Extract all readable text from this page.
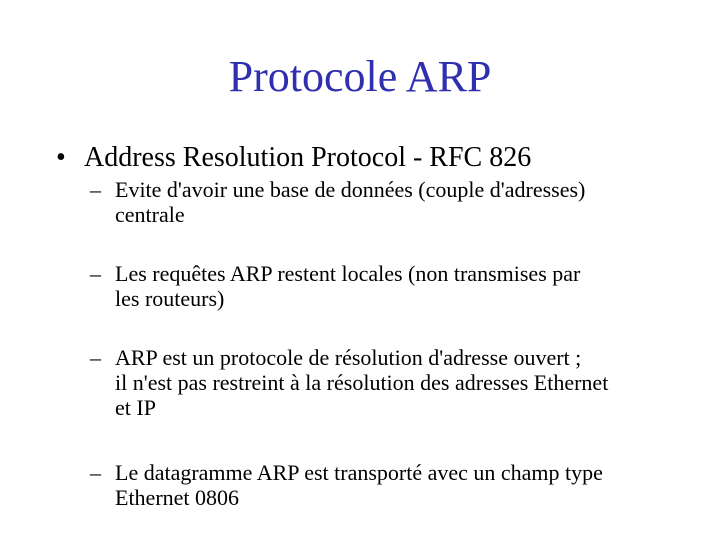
Protocole ARP
• Address Resolution Protocol - RFC 826
– Evite d'avoir une base de données (couple d'adresses)
centrale
– Les requêtes ARP restent locales (non transmises par
les routeurs)
– ARP est un protocole de résolution d'adresse ouvert ;
il n'est pas restreint à la résolution des adresses Ethernet
et IP
– Le datagramme ARP est transporté avec un champ type
Ethernet 0806
